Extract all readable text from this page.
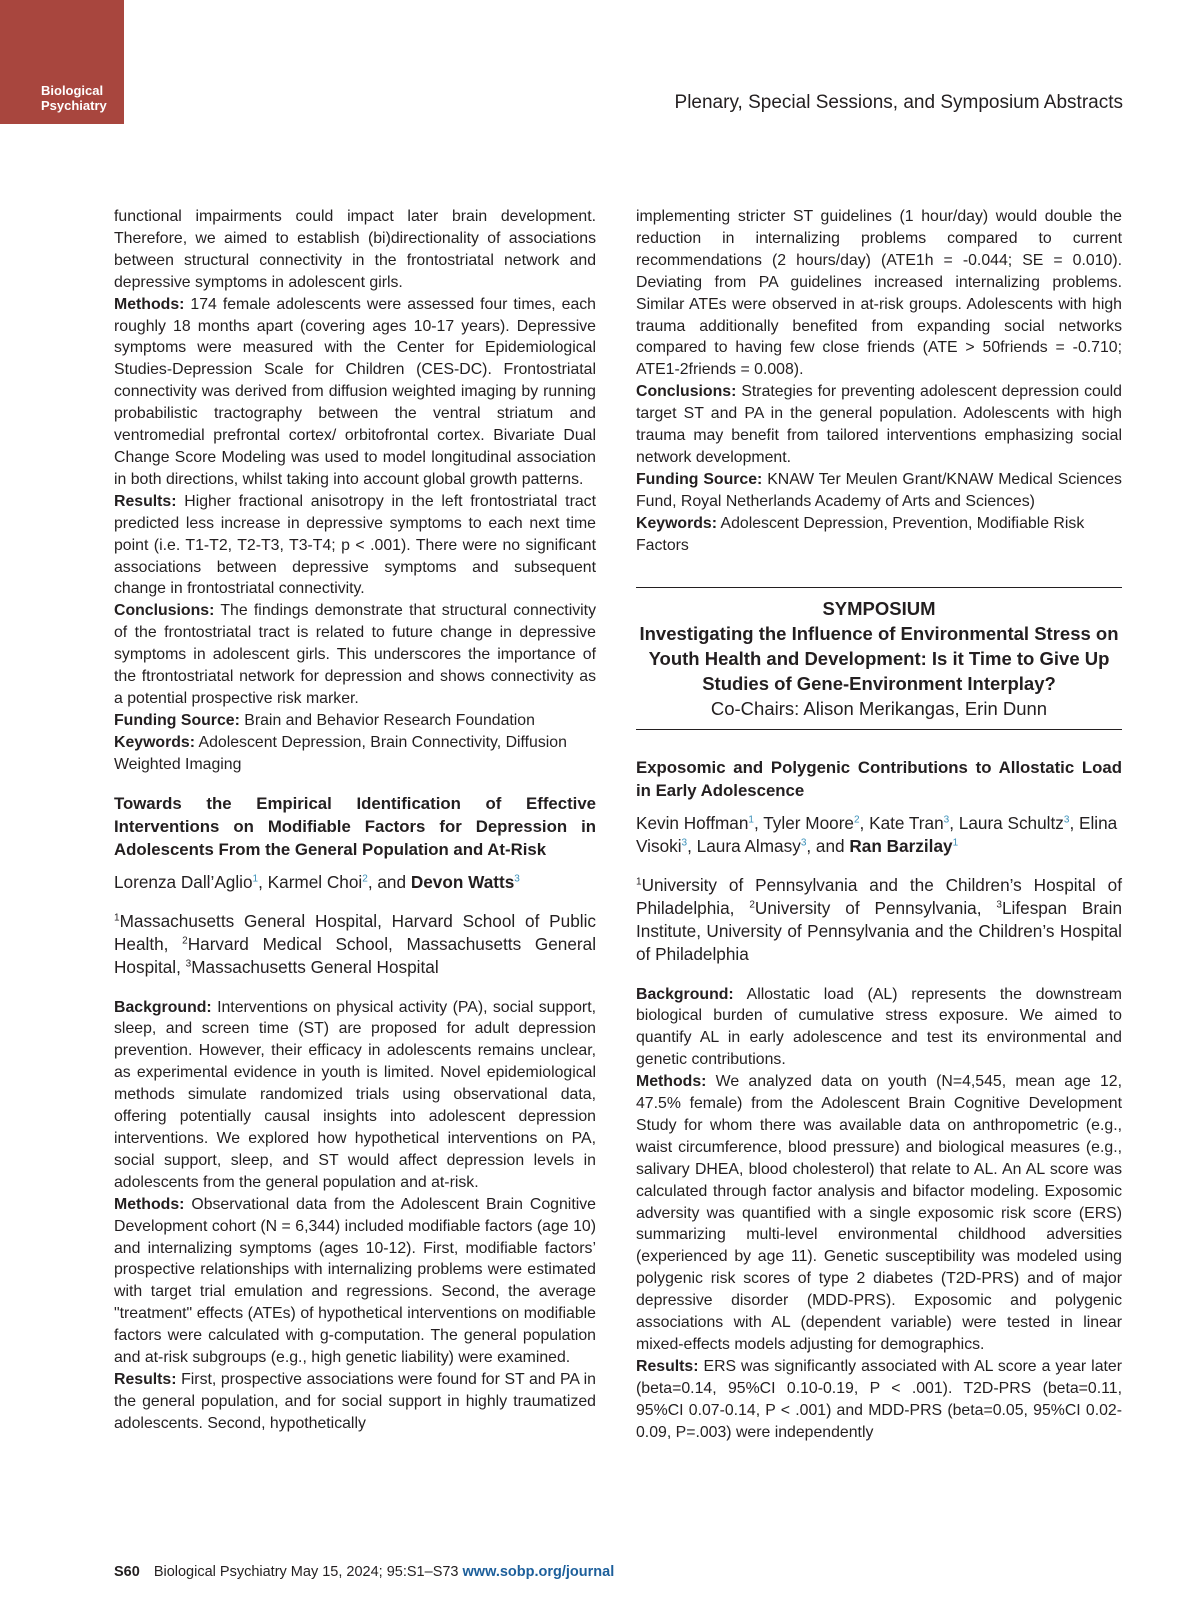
Biological
Psychiatry	Plenary, Special Sessions, and Symposium Abstracts

functional impairments could impact later brain development. Therefore, we aimed to establish (bi)directionality of associations between structural connectivity in the frontostriatal network and depressive symptoms in adolescent girls.

Methods: 174 female adolescents were assessed four times, each roughly 18 months apart (covering ages 10-17 years). Depressive symptoms were measured with the Center for Epidemiological Studies-Depression Scale for Children (CES-DC). Frontostriatal connectivity was derived from diffusion weighted imaging by running probabilistic tractography between the ventral striatum and ventromedial prefrontal cortex/ orbitofrontal cortex. Bivariate Dual Change Score Modeling was used to model longitudinal association in both directions, whilst taking into account global growth patterns.

Results: Higher fractional anisotropy in the left frontostriatal tract predicted less increase in depressive symptoms to each next time point (i.e. T1-T2, T2-T3, T3-T4; p < .001). There were no significant associations between depressive symptoms and subsequent change in frontostriatal connectivity.

Conclusions: The findings demonstrate that structural connectivity of the frontostriatal tract is related to future change in depressive symptoms in adolescent girls. This underscores the importance of the ftrontostriatal network for depression and shows connectivity as a potential prospective risk marker.

Funding Source: Brain and Behavior Research Foundation

Keywords: Adolescent Depression, Brain Connectivity, Diffusion Weighted Imaging

Towards the Empirical Identification of Effective Interventions on Modifiable Factors for Depression in Adolescents From the General Population and At-Risk

Lorenza Dall’Aglio$^1$, Karmel Choi$^2$, and Devon Watts$^3$

$^1$Massachusetts General Hospital, Harvard School of Public Health, $^2$Harvard Medical School, Massachusetts General Hospital, $^3$Massachusetts General Hospital

Background: Interventions on physical activity (PA), social support, sleep, and screen time (ST) are proposed for adult depression prevention. However, their efficacy in adolescents remains unclear, as experimental evidence in youth is limited. Novel epidemiological methods simulate randomized trials using observational data, offering potentially causal insights into adolescent depression interventions. We explored how hypothetical interventions on PA, social support, sleep, and ST would affect depression levels in adolescents from the general population and at-risk.

Methods: Observational data from the Adolescent Brain Cognitive Development cohort (N = 6,344) included modifiable factors (age 10) and internalizing symptoms (ages 10-12). First, modifiable factors’ prospective relationships with internalizing problems were estimated with target trial emulation and regressions. Second, the average "treatment" effects (ATEs) of hypothetical interventions on modifiable factors were calculated with g-computation. The general population and at-risk subgroups (e.g., high genetic liability) were examined.

Results: First, prospective associations were found for ST and PA in the general population, and for social support in highly traumatized adolescents. Second, hypothetically

implementing stricter ST guidelines (1 hour/day) would double the reduction in internalizing problems compared to current recommendations (2 hours/day) (ATE1h = -0.044; SE = 0.010). Deviating from PA guidelines increased internalizing problems. Similar ATEs were observed in at-risk groups. Adolescents with high trauma additionally benefited from expanding social networks compared to having few close friends (ATE > 50friends = -0.710; ATE1-2friends = 0.008).

Conclusions: Strategies for preventing adolescent depression could target ST and PA in the general population. Adolescents with high trauma may benefit from tailored interventions emphasizing social network development.

Funding Source: KNAW Ter Meulen Grant/KNAW Medical Sciences Fund, Royal Netherlands Academy of Arts and Sciences)

Keywords: Adolescent Depression, Prevention, Modifiable Risk Factors

SYMPOSIUM
Investigating the Influence of Environmental Stress on Youth Health and Development: Is it Time to Give Up Studies of Gene-Environment Interplay?
Co-Chairs: Alison Merikangas, Erin Dunn

Exposomic and Polygenic Contributions to Allostatic Load in Early Adolescence

Kevin Hoffman$^1$, Tyler Moore$^2$, Kate Tran$^3$, Laura Schultz$^3$, Elina Visoki$^3$, Laura Almasy$^3$, and Ran Barzilay$^1$

$^1$University of Pennsylvania and the Children’s Hospital of Philadelphia, $^2$University of Pennsylvania, $^3$Lifespan Brain Institute, University of Pennsylvania and the Children’s Hospital of Philadelphia

Background: Allostatic load (AL) represents the downstream biological burden of cumulative stress exposure. We aimed to quantify AL in early adolescence and test its environmental and genetic contributions.

Methods: We analyzed data on youth (N=4,545, mean age 12, 47.5% female) from the Adolescent Brain Cognitive Development Study for whom there was available data on anthropometric (e.g., waist circumference, blood pressure) and biological measures (e.g., salivary DHEA, blood cholesterol) that relate to AL. An AL score was calculated through factor analysis and bifactor modeling. Exposomic adversity was quantified with a single exposomic risk score (ERS) summarizing multi-level environmental childhood adversities (experienced by age 11). Genetic susceptibility was modeled using polygenic risk scores of type 2 diabetes (T2D-PRS) and of major depressive disorder (MDD-PRS). Exposomic and polygenic associations with AL (dependent variable) were tested in linear mixed-effects models adjusting for demographics.

Results: ERS was significantly associated with AL score a year later (beta=0.14, 95%CI 0.10-0.19, P < .001). T2D-PRS (beta=0.11, 95%CI 0.07-0.14, P < .001) and MDD-PRS (beta=0.05, 95%CI 0.02-0.09, P=.003) were independently

S60 Biological Psychiatry May 15, 2024; 95:S1–S73 www.sobp.org/journal
